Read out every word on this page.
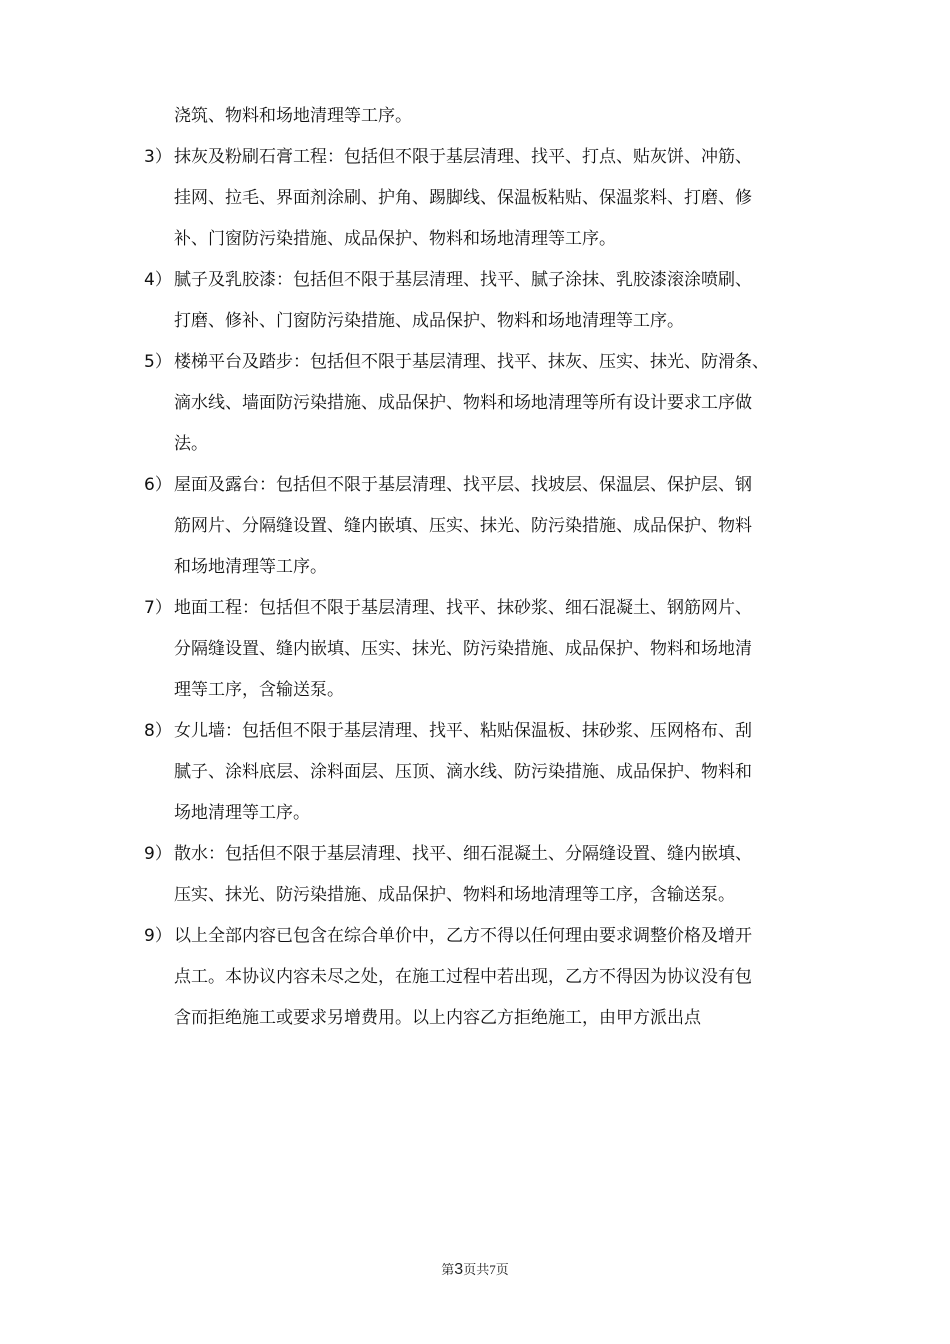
浇筑、物料和场地清理等工序。
3） 抹灰及粉刷石膏工程：包括但不限于基层清理、找平、打点、贴灰饼、冲筋、
挂网、拉毛、界面剂涂刷、护角、踢脚线、保温板粘贴、保温浆料、打磨、修
补、门窗防污染措施、成品保护、物料和场地清理等工序。
4） 腻子及乳胶漆：包括但不限于基层清理、找平、腻子涂抹、乳胶漆滚涂喷刷、
打磨、修补、门窗防污染措施、成品保护、物料和场地清理等工序。
5） 楼梯平台及踏步：包括但不限于基层清理、找平、抹灰、压实、抹光、防滑条、
滴水线、墙面防污染措施、成品保护、物料和场地清理等所有设计要求工序做
法。
6） 屋面及露台：包括但不限于基层清理、找平层、找坡层、保温层、保护层、钢
筋网片、分隔缝设置、缝内嵌填、压实、抹光、防污染措施、成品保护、物料
和场地清理等工序。
7） 地面工程：包括但不限于基层清理、找平、抹砂浆、细石混凝土、钢筋网片、
分隔缝设置、缝内嵌填、压实、抹光、防污染措施、成品保护、物料和场地清
理等工序，含输送泵。
8） 女儿墙：包括但不限于基层清理、找平、粘贴保温板、抹砂浆、压网格布、刮
腻子、涂料底层、涂料面层、压顶、滴水线、防污染措施、成品保护、物料和
场地清理等工序。
9） 散水：包括但不限于基层清理、找平、细石混凝土、分隔缝设置、缝内嵌填、
压实、抹光、防污染措施、成品保护、物料和场地清理等工序，含输送泵。
9） 以上全部内容已包含在综合单价中，乙方不得以任何理由要求调整价格及增开
点工。本协议内容未尽之处，在施工过程中若出现，乙方不得因为协议没有包
含而拒绝施工或要求另增费用。以上内容乙方拒绝施工，由甲方派出点
第3页共7页
